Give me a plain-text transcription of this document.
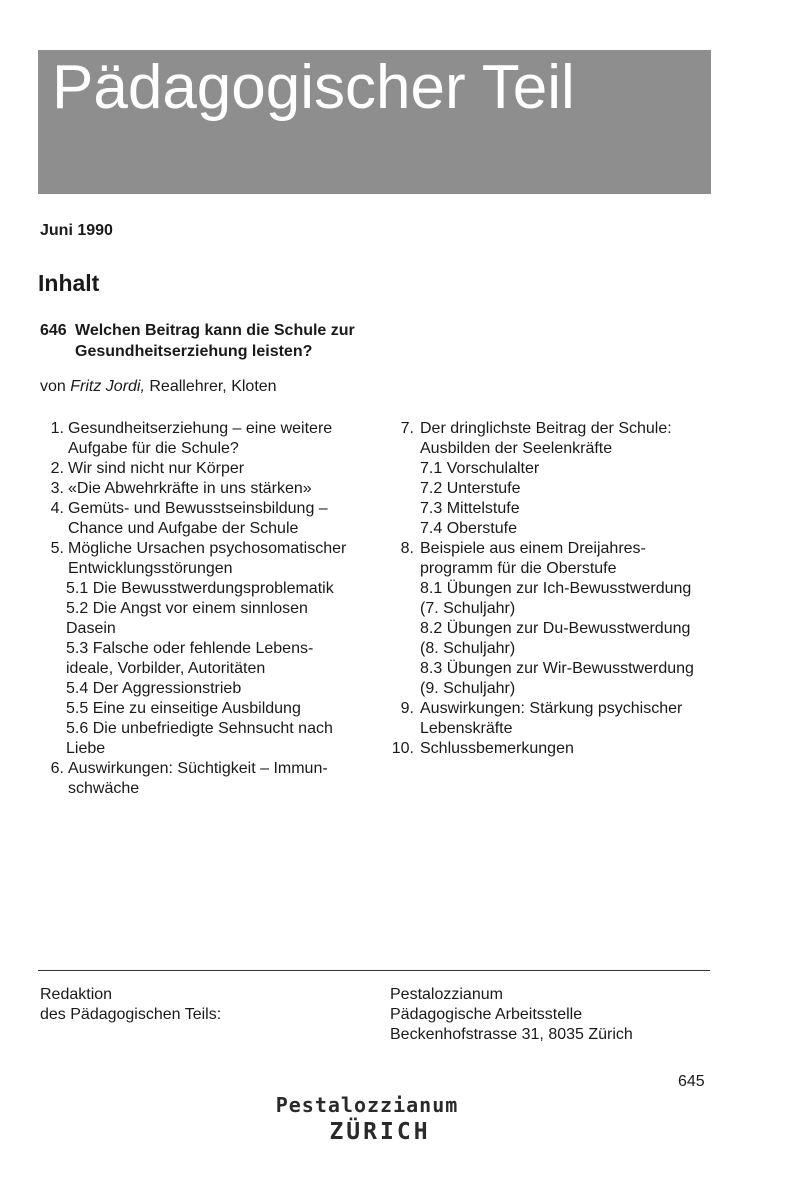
Pädagogischer Teil
Juni 1990
Inhalt
646 Welchen Beitrag kann die Schule zur Gesundheitserziehung leisten?
von Fritz Jordi, Reallehrer, Kloten
1. Gesundheitserziehung – eine weitere
Aufgabe für die Schule?
2. Wir sind nicht nur Körper
3. «Die Abwehrkräfte in uns stärken»
4. Gemüts- und Bewusstseinsbildung –
Chance und Aufgabe der Schule
5. Mögliche Ursachen psychosomatischer
Entwicklungsstörungen
5.1 Die Bewusstwerdungsproblematik
5.2 Die Angst vor einem sinnlosen
Dasein
5.3 Falsche oder fehlende Lebens-
ideale, Vorbilder, Autoritäten
5.4 Der Aggressionstrieb
5.5 Eine zu einseitige Ausbildung
5.6 Die unbefriedigte Sehnsucht nach
Liebe
6. Auswirkungen: Süchtigkeit – Immun-
schwäche
7. Der dringlichste Beitrag der Schule:
Ausbilden der Seelenkräfte
7.1 Vorschulalter
7.2 Unterstufe
7.3 Mittelstufe
7.4 Oberstufe
8. Beispiele aus einem Dreijahres-
programm für die Oberstufe
8.1 Übungen zur Ich-Bewusstwerdung
(7. Schuljahr)
8.2 Übungen zur Du-Bewusstwerdung
(8. Schuljahr)
8.3 Übungen zur Wir-Bewusstwerdung
(9. Schuljahr)
9. Auswirkungen: Stärkung psychischer
Lebenskräfte
10. Schlussbemerkungen
Redaktion
des Pädagogischen Teils:
Pestalozzianum
Pädagogische Arbeitsstelle
Beckenhofstrasse 31, 8035 Zürich
645
Pestalozzianum
ZÜRICH
